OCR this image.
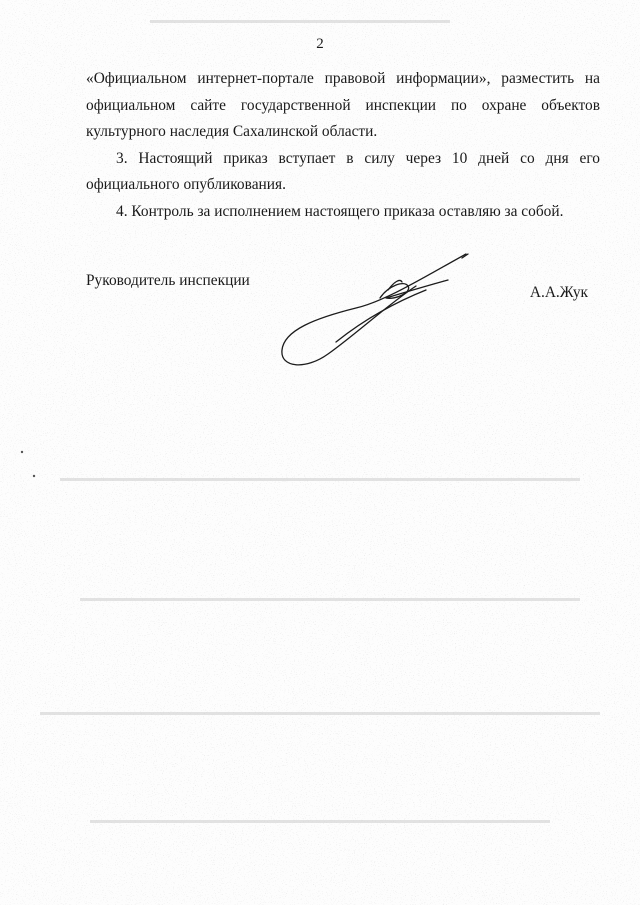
2

«Официальном интернет-портале правовой информации», разместить на

официальном сайте государственной инспекции по охране объектов

культурного наследия Сахалинской области.

3. Настоящий приказ вступает в силу через 10 дней со дня его

официального опубликования.

4. Контроль за исполнением настоящего приказа оставляю за собой.

Руководитель инспекции
А.А.Жук
